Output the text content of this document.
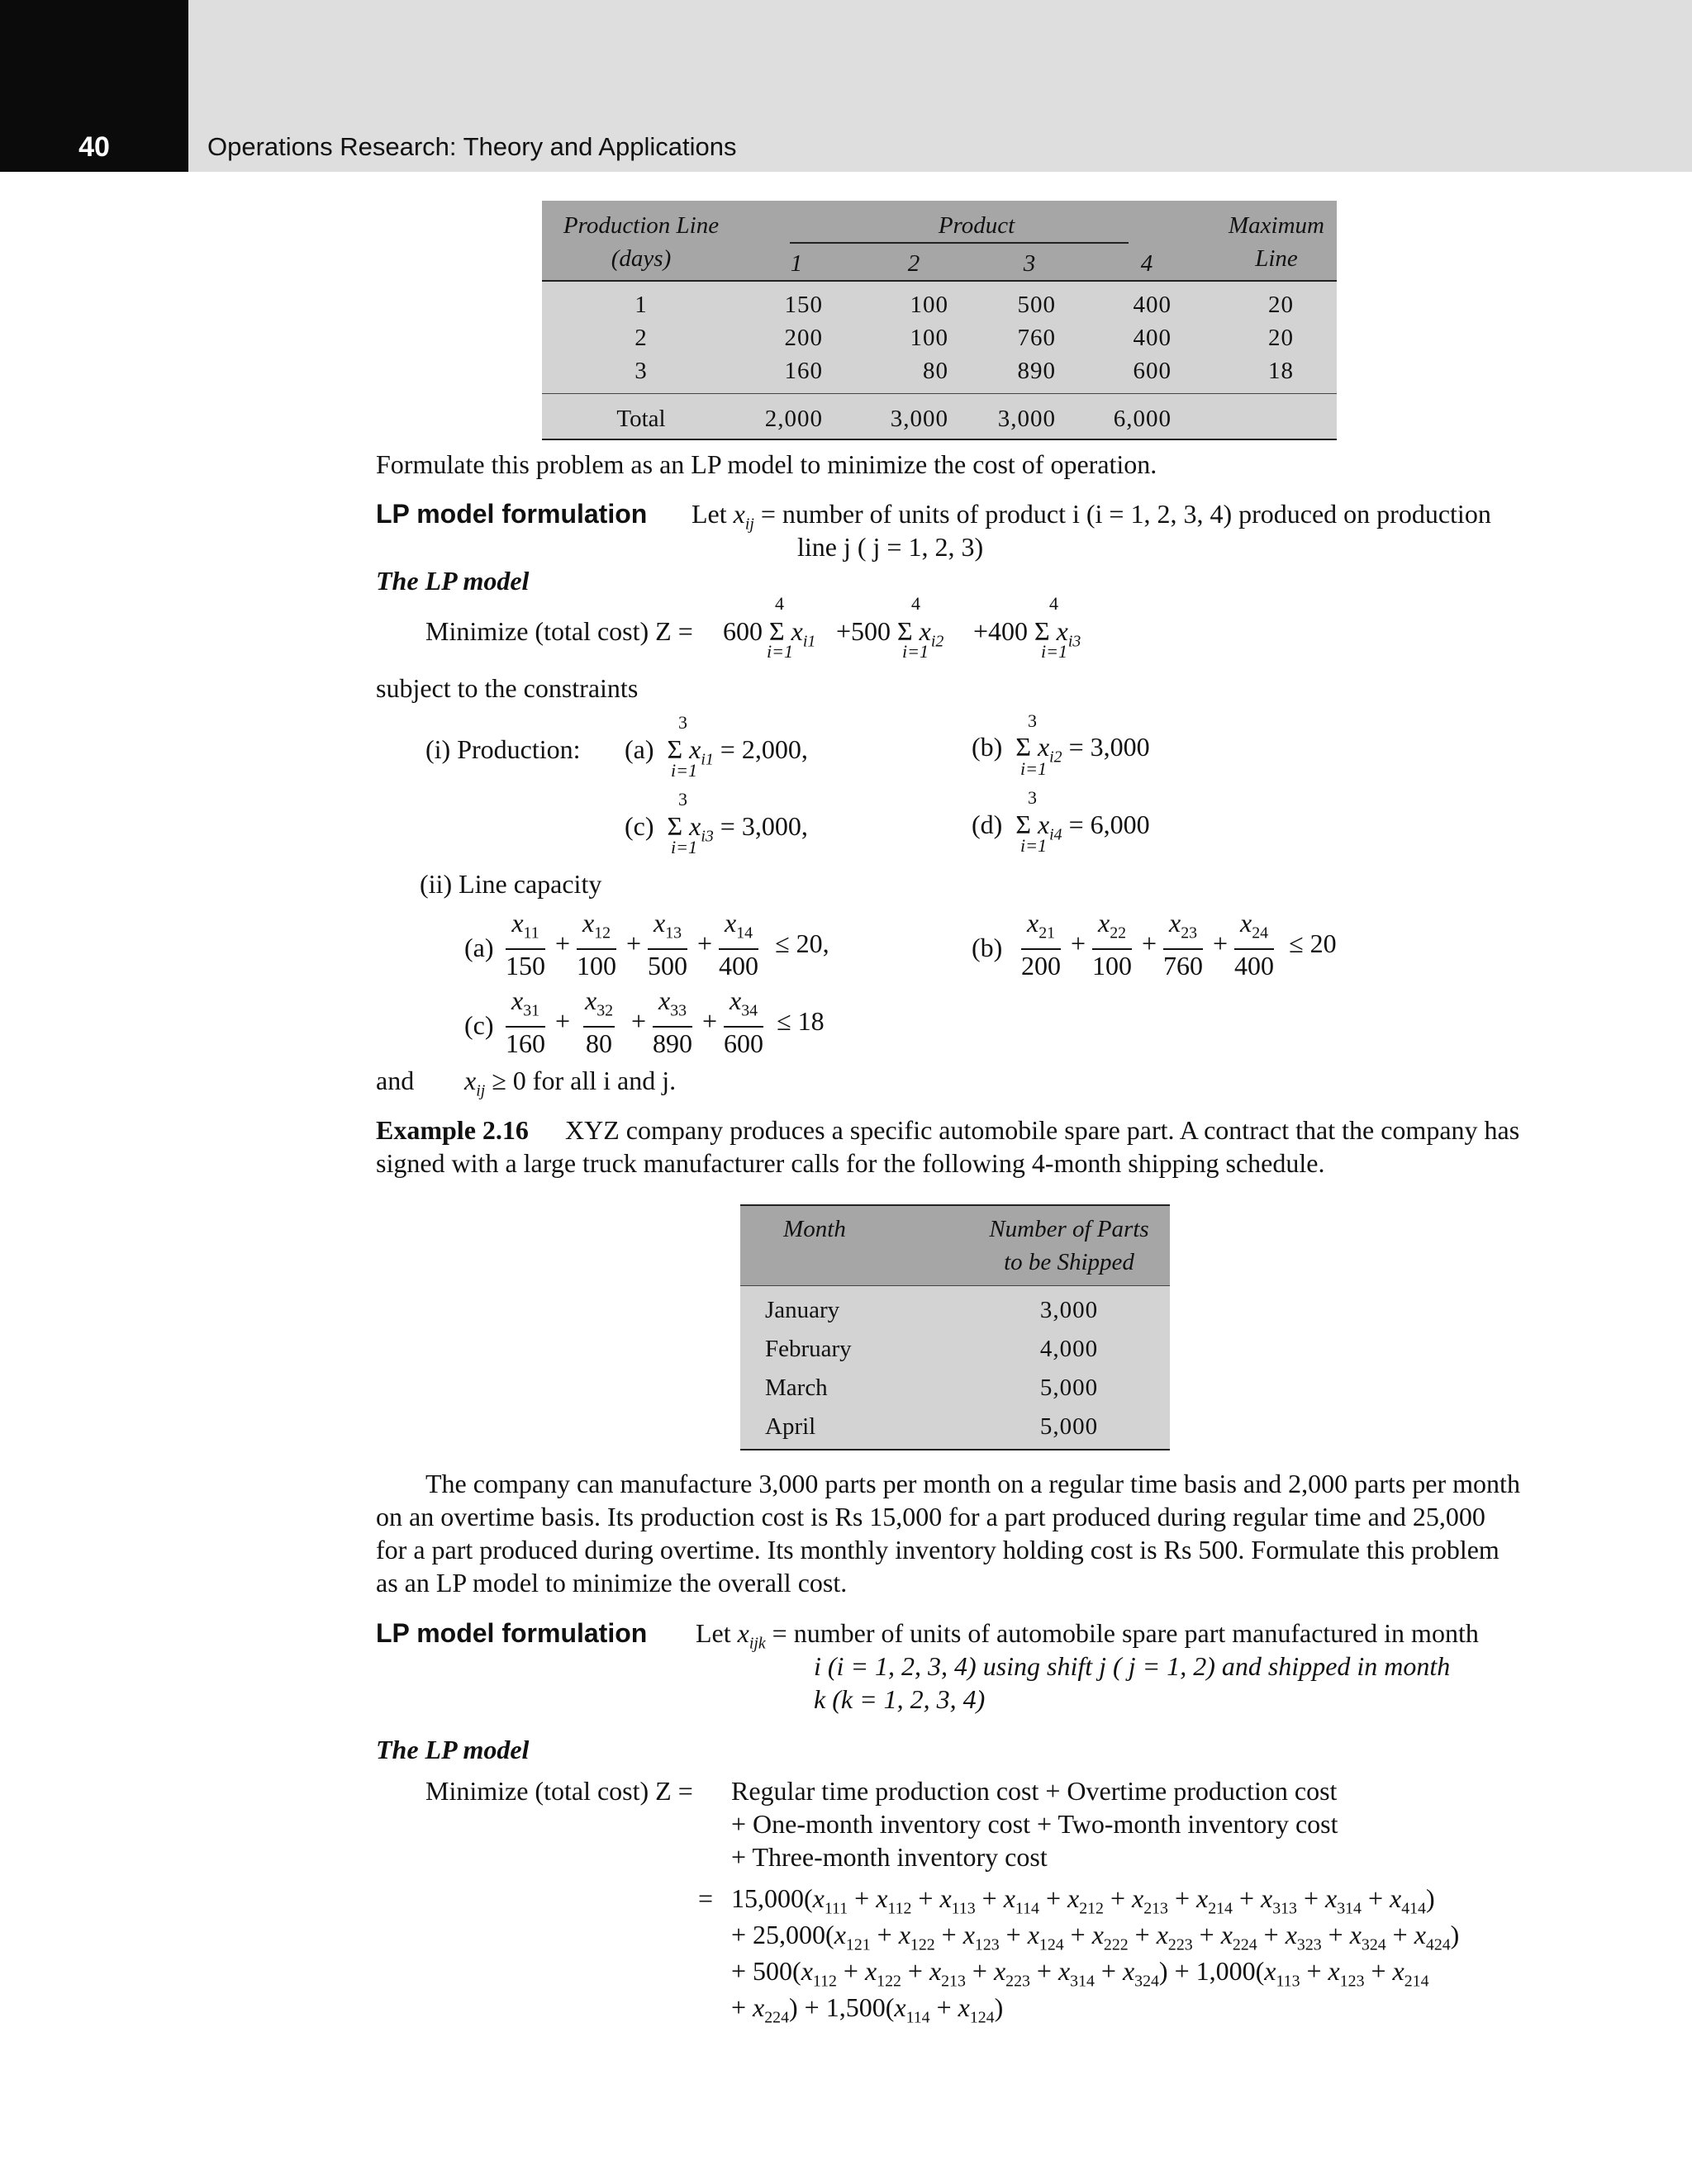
40	Operations Research: Theory and Applications
Production Line
(days)
Product	Maximum
Line
1	2	3	4
1	150	100	500	400	20
2	200	100	760	400	20
3	160	80	890	600	18
Total	2,000	3,000 3,000 6,000
Formulate this problem as an LP model to minimize the cost of operation.
LP model formulation Let $x_{ij}$ = number of units of product i (i = 1, 2, 3, 4) produced on production
line j ( j = 1, 2, 3)
The LP model
Minimize (total cost) Z = 600 Σ $x_{i1}$
4
i=1
+500 Σ $x_{i2}$
4
i=1
+400 Σ $x_{i3}$
4
i=1
subject to the constraints
(i) Production: (a)  Σ $x_{i1} = 2,000$,
3
i=1
(b)  Σ $x_{i2} = 3,000$
3
i=1
(c)  Σ $x_{i3} = 3,000$,
3
i=1
(d)  Σ $x_{i4} = 6,000$
3
i=1
(ii) Line capacity
$(a) \frac{x_{11}}{150} + \frac{x_{12}}{100} + \frac{x_{13}}{500} + \frac{x_{14}}{400} \le 20$,	$(b) \frac{x_{21}}{200} + \frac{x_{22}}{100} + \frac{x_{23}}{760} + \frac{x_{24}}{400} \le 20$
$(c) \frac{x_{31}}{160} + \frac{x_{32}}{80} + \frac{x_{33}}{890} + \frac{x_{34}}{600} \le 18$
and $x_{ij} \ge 0$ for all i and j.
Example 2.16 XYZ company produces a specific automobile spare part. A contract that the company has
signed with a large truck manufacturer calls for the following 4-month shipping schedule.
Month	Number of Parts
to be Shipped
January	3,000
February	4,000
March	5,000
April	5,000
The company can manufacture 3,000 parts per month on a regular time basis and 2,000 parts per month
on an overtime basis. Its production cost is Rs 15,000 for a part produced during regular time and 25,000
for a part produced during overtime. Its monthly inventory holding cost is Rs 500. Formulate this problem
as an LP model to minimize the overall cost.
LP model formulation Let $x_{ijk}$ = number of units of automobile spare part manufactured in month
i (i = 1, 2, 3, 4) using shift j ( j = 1, 2) and shipped in month
k (k = 1, 2, 3, 4)
The LP model
Minimize (total cost) Z = Regular time production cost + Overtime production cost
+ One-month inventory cost + Two-month inventory cost
+ Three-month inventory cost
= $15,000(x_{111} + x_{112} + x_{113} + x_{114} + x_{212} + x_{213} + x_{214} + x_{313} + x_{314} + x_{414})$
+ $25,000(x_{121} + x_{122} + x_{123} + x_{124} + x_{222} + x_{223} + x_{224} + x_{323} + x_{324} + x_{424})$
+ $500(x_{112} + x_{122} + x_{213} + x_{223} + x_{314} + x_{324}) + 1,000(x_{113} + x_{123} + x_{214}$
+ $x_{224}) + 1,500(x_{114} + x_{124})$
